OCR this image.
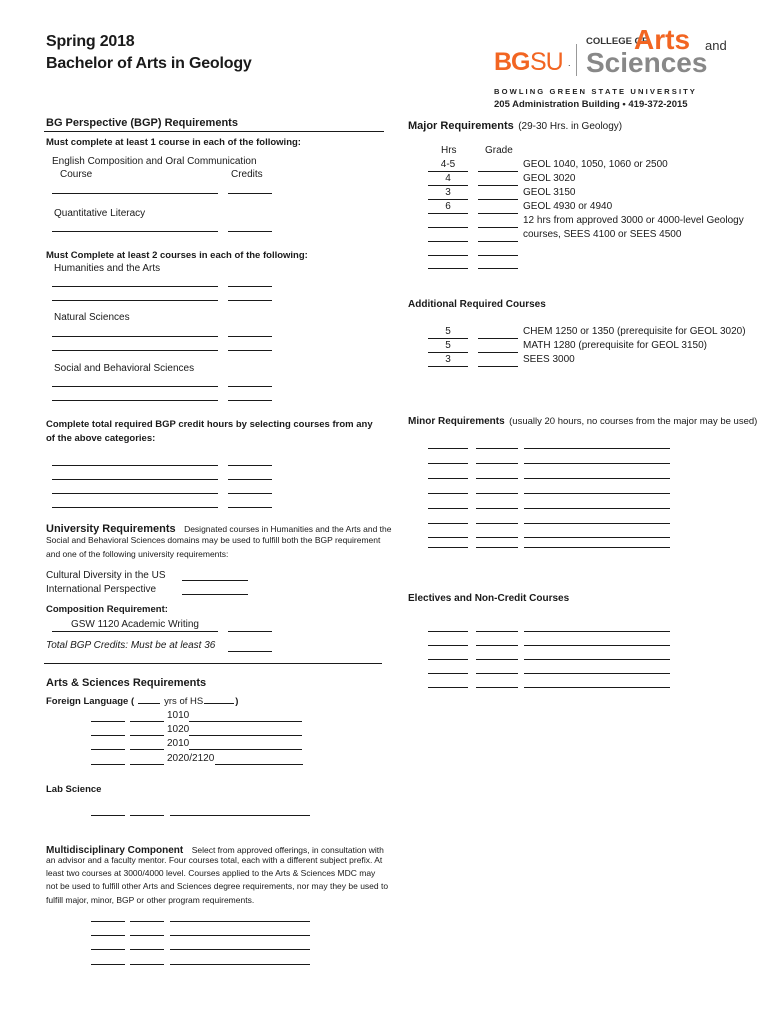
Spring 2018
Bachelor of Arts in Geology	BG SU .
COLLEGE OF
Arts and
Sciences
B O W L I N G   G R E E N   S T A T E   U N I V E R S I T Y
205 Administration Building • 419-372-2015
BG Perspective (BGP) Requirements
Must complete at least 1 course in each of the following:
English Composition and Oral Communication
Course	Credits
Quantitative Literacy
Must Complete at least 2 courses in each of the following:
Humanities and the Arts
Natural Sciences
Social and Behavioral Sciences
Complete total required BGP credit hours by selecting courses from any
of the above categories:
University Requirements Designated courses in Humanities and the Arts and the
Social and Behavioral Sciences domains may be used to fulfill both the BGP requirement
and one of the following university requirements:
Cultural Diversity in the US
International Perspective
Composition Requirement:
GSW 1120 Academic Writing
Total BGP Credits: Must be at least 36
Arts & Sciences Requirements
Foreign Language (	yrs of HS	)
1010
1020
2010
2020/2120
Lab Science
Multidisciplinary Component Select from approved offerings, in consultation with
an advisor and a faculty mentor. Four courses total, each with a different subject prefix. At
least two courses at 3000/4000 level. Courses applied to the Arts & Sciences MDC may
not be used to fulfill other Arts and Sciences degree requirements, nor may they be used to
fulfill major, minor, BGP or other program requirements.
Major Requirements (29-30 Hrs. in Geology)
Hrs	Grade
4-5	GEOL 1040, 1050, 1060 or 2500
4	GEOL 3020
3	GEOL 3150
6	GEOL 4930 or 4940
12 hrs from approved 3000 or 4000-level Geology
courses, SEES 4100 or SEES 4500
Additional Required Courses
5	CHEM 1250 or 1350 (prerequisite for GEOL 3020)
5	MATH 1280 (prerequisite for GEOL 3150)
3	SEES 3000
Minor Requirements (usually 20 hours, no courses from the major may be used)
Electives and Non-Credit Courses
